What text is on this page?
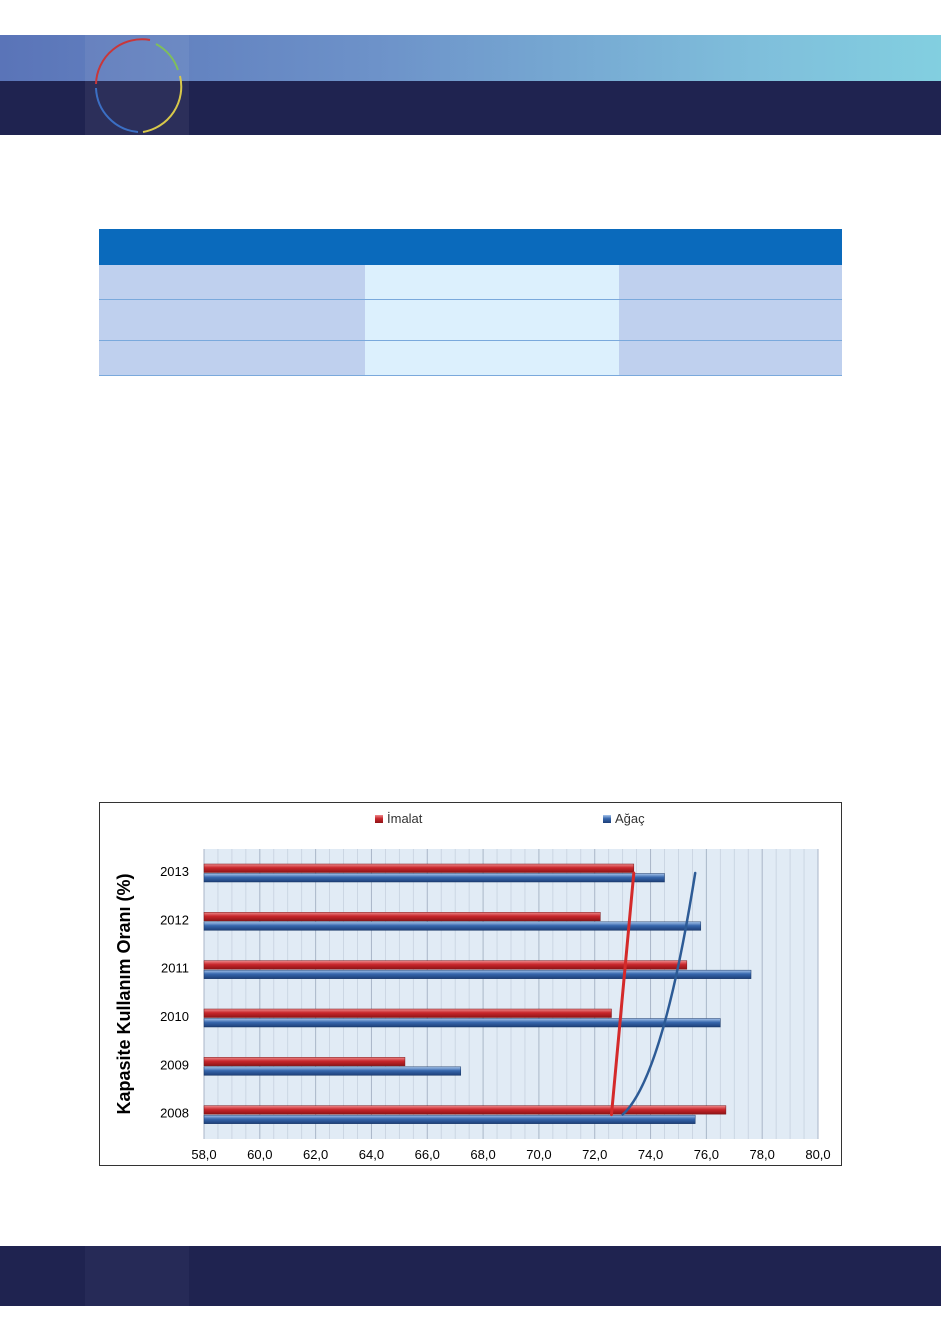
58,0 60,0 62,0 64,0 66,0 68,0 70,0 72,0 74,0 76,0 78,0 80,0
2013
2012
2011
2010
2009
2008
İmalat	Ağaç
Kapasite Kullanım Oranı (%)
